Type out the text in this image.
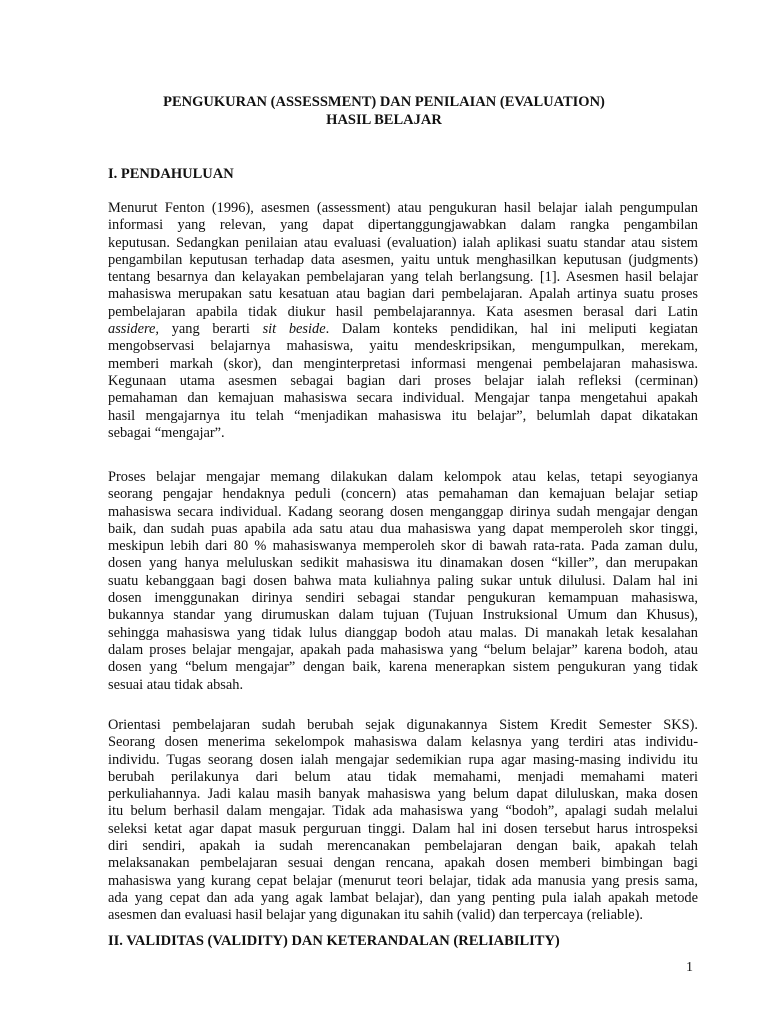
PENGUKURAN (ASSESSMENT) DAN PENILAIAN (EVALUATION)
HASIL BELAJAR
I. PENDAHULUAN
Menurut Fenton (1996), asesmen (assessment) atau pengukuran hasil belajar ialah pengumpulan
informasi yang relevan, yang dapat dipertanggungjawabkan dalam rangka pengambilan
keputusan. Sedangkan penilaian atau evaluasi (evaluation) ialah aplikasi suatu standar atau sistem
pengambilan keputusan terhadap data asesmen, yaitu untuk menghasilkan keputusan (judgments)
tentang besarnya dan kelayakan pembelajaran yang telah berlangsung. [1]. Asesmen hasil belajar
mahasiswa merupakan satu kesatuan atau bagian dari pembelajaran. Apalah artinya suatu proses
pembelajaran apabila tidak diukur hasil pembelajarannya. Kata asesmen berasal dari Latin
assidere, yang berarti sit beside. Dalam konteks pendidikan, hal ini meliputi kegiatan
mengobservasi belajarnya mahasiswa, yaitu mendeskripsikan, mengumpulkan, merekam,
memberi markah (skor), dan menginterpretasi informasi mengenai pembelajaran mahasiswa.
Kegunaan utama asesmen sebagai bagian dari proses belajar ialah refleksi (cerminan)
pemahaman dan kemajuan mahasiswa secara individual. Mengajar tanpa mengetahui apakah
hasil mengajarnya itu telah “menjadikan mahasiswa itu belajar”, belumlah dapat dikatakan
sebagai “mengajar”.
Proses belajar mengajar memang dilakukan dalam kelompok atau kelas, tetapi seyogianya
seorang pengajar hendaknya peduli (concern) atas pemahaman dan kemajuan belajar setiap
mahasiswa secara individual. Kadang seorang dosen menganggap dirinya sudah mengajar dengan
baik, dan sudah puas apabila ada satu atau dua mahasiswa yang dapat memperoleh skor tinggi,
meskipun lebih dari 80 % mahasiswanya memperoleh skor di bawah rata-rata. Pada zaman dulu,
dosen yang hanya meluluskan sedikit mahasiswa itu dinamakan dosen “killer”, dan merupakan
suatu kebanggaan bagi dosen bahwa mata kuliahnya paling sukar untuk dilulusi. Dalam hal ini
dosen imenggunakan dirinya sendiri sebagai standar pengukuran kemampuan mahasiswa,
bukannya standar yang dirumuskan dalam tujuan (Tujuan Instruksional Umum dan Khusus),
sehingga mahasiswa yang tidak lulus dianggap bodoh atau malas. Di manakah letak kesalahan
dalam proses belajar mengajar, apakah pada mahasiswa yang “belum belajar” karena bodoh, atau
dosen yang “belum mengajar” dengan baik, karena menerapkan sistem pengukuran yang tidak
sesuai atau tidak absah.
Orientasi pembelajaran sudah berubah sejak digunakannya Sistem Kredit Semester SKS).
Seorang dosen menerima sekelompok mahasiswa dalam kelasnya yang terdiri atas individu-
individu. Tugas seorang dosen ialah mengajar sedemikian rupa agar masing-masing individu itu
berubah perilakunya dari belum atau tidak memahami, menjadi memahami materi
perkuliahannya. Jadi kalau masih banyak mahasiswa yang belum dapat diluluskan, maka dosen
itu belum berhasil dalam mengajar. Tidak ada mahasiswa yang “bodoh”, apalagi sudah melalui
seleksi ketat agar dapat masuk perguruan tinggi. Dalam hal ini dosen tersebut harus introspeksi
diri sendiri, apakah ia sudah merencanakan pembelajaran dengan baik, apakah telah
melaksanakan pembelajaran sesuai dengan rencana, apakah dosen memberi bimbingan bagi
mahasiswa yang kurang cepat belajar (menurut teori belajar, tidak ada manusia yang presis sama,
ada yang cepat dan ada yang agak lambat belajar), dan yang penting pula ialah apakah metode
asesmen dan evaluasi hasil belajar yang digunakan itu sahih (valid) dan terpercaya (reliable).
II. VALIDITAS (VALIDITY) DAN KETERANDALAN (RELIABILITY)
1
